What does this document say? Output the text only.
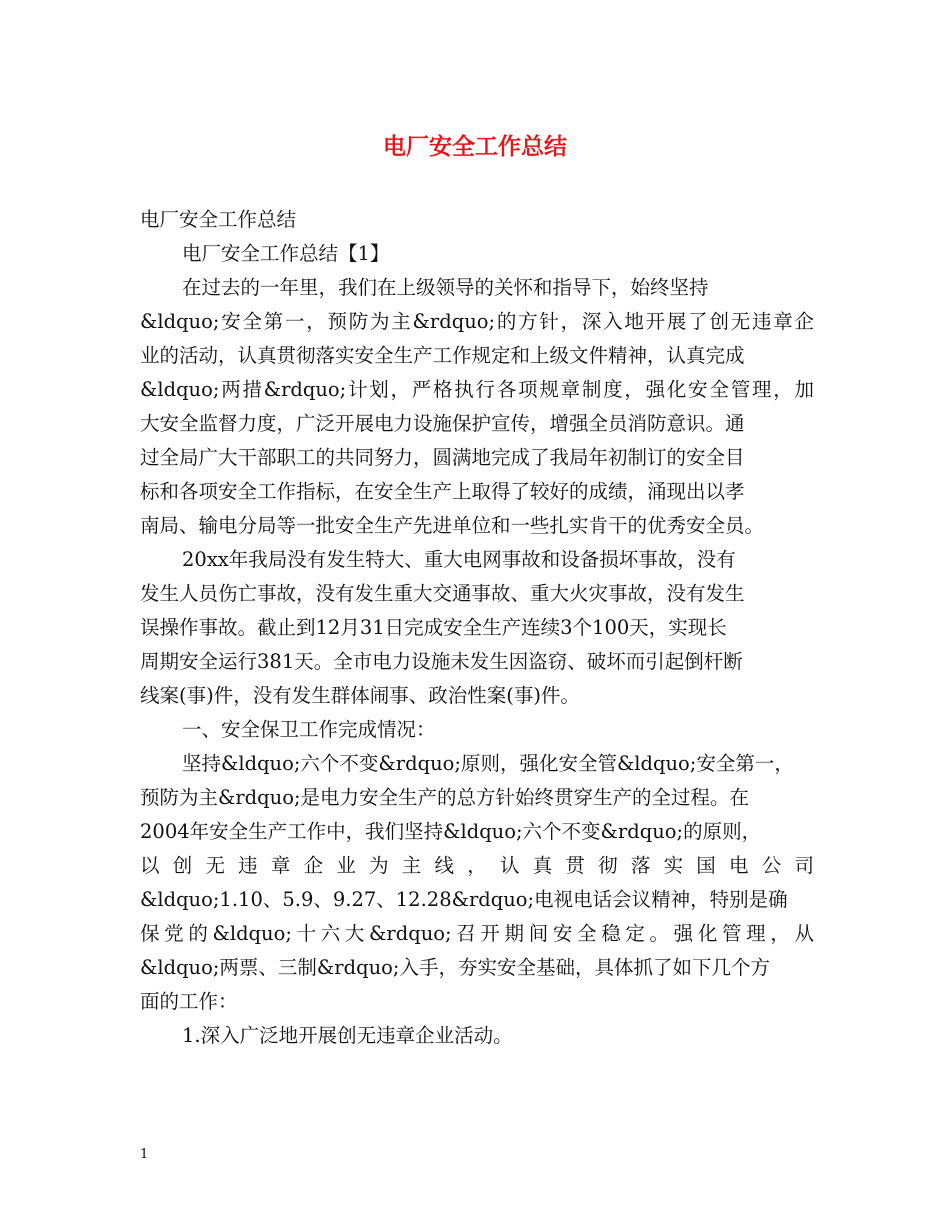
电厂安全工作总结
电厂安全工作总结
电厂安全工作总结【1】
在过去的一年里，我们在上级领导的关怀和指导下，始终坚持
&ldquo;安全第一，预防为主&rdquo;的方针，深入地开展了创无违章企
业的活动，认真贯彻落实安全生产工作规定和上级文件精神，认真完成
&ldquo;两措&rdquo;计划，严格执行各项规章制度，强化安全管理，加
大安全监督力度，广泛开展电力设施保护宣传，增强全员消防意识。通
过全局广大干部职工的共同努力，圆满地完成了我局年初制订的安全目
标和各项安全工作指标，在安全生产上取得了较好的成绩，涌现出以孝
南局、输电分局等一批安全生产先进单位和一些扎实肯干的优秀安全员。
20xx年我局没有发生特大、重大电网事故和设备损坏事故，没有
发生人员伤亡事故，没有发生重大交通事故、重大火灾事故，没有发生
误操作事故。截止到12月31日完成安全生产连续3个100天，实现长
周期安全运行381天。全市电力设施未发生因盗窃、破坏而引起倒杆断
线案(事)件，没有发生群体闹事、政治性案(事)件。
一、安全保卫工作完成情况：
坚持&ldquo;六个不变&rdquo;原则，强化安全管&ldquo;安全第一，
预防为主&rdquo;是电力安全生产的总方针始终贯穿生产的全过程。在
2004年安全生产工作中，我们坚持&ldquo;六个不变&rdquo;的原则，
以创无违章企业为主线，认真贯彻落实国电公司
&ldquo;1.10、5.9、9.27、12.28&rdquo;电视电话会议精神，特别是确
保党的&ldquo;十六大&rdquo;召开期间安全稳定。强化管理，从
&ldquo;两票、三制&rdquo;入手，夯实安全基础，具体抓了如下几个方
面的工作：
1.深入广泛地开展创无违章企业活动。
1
